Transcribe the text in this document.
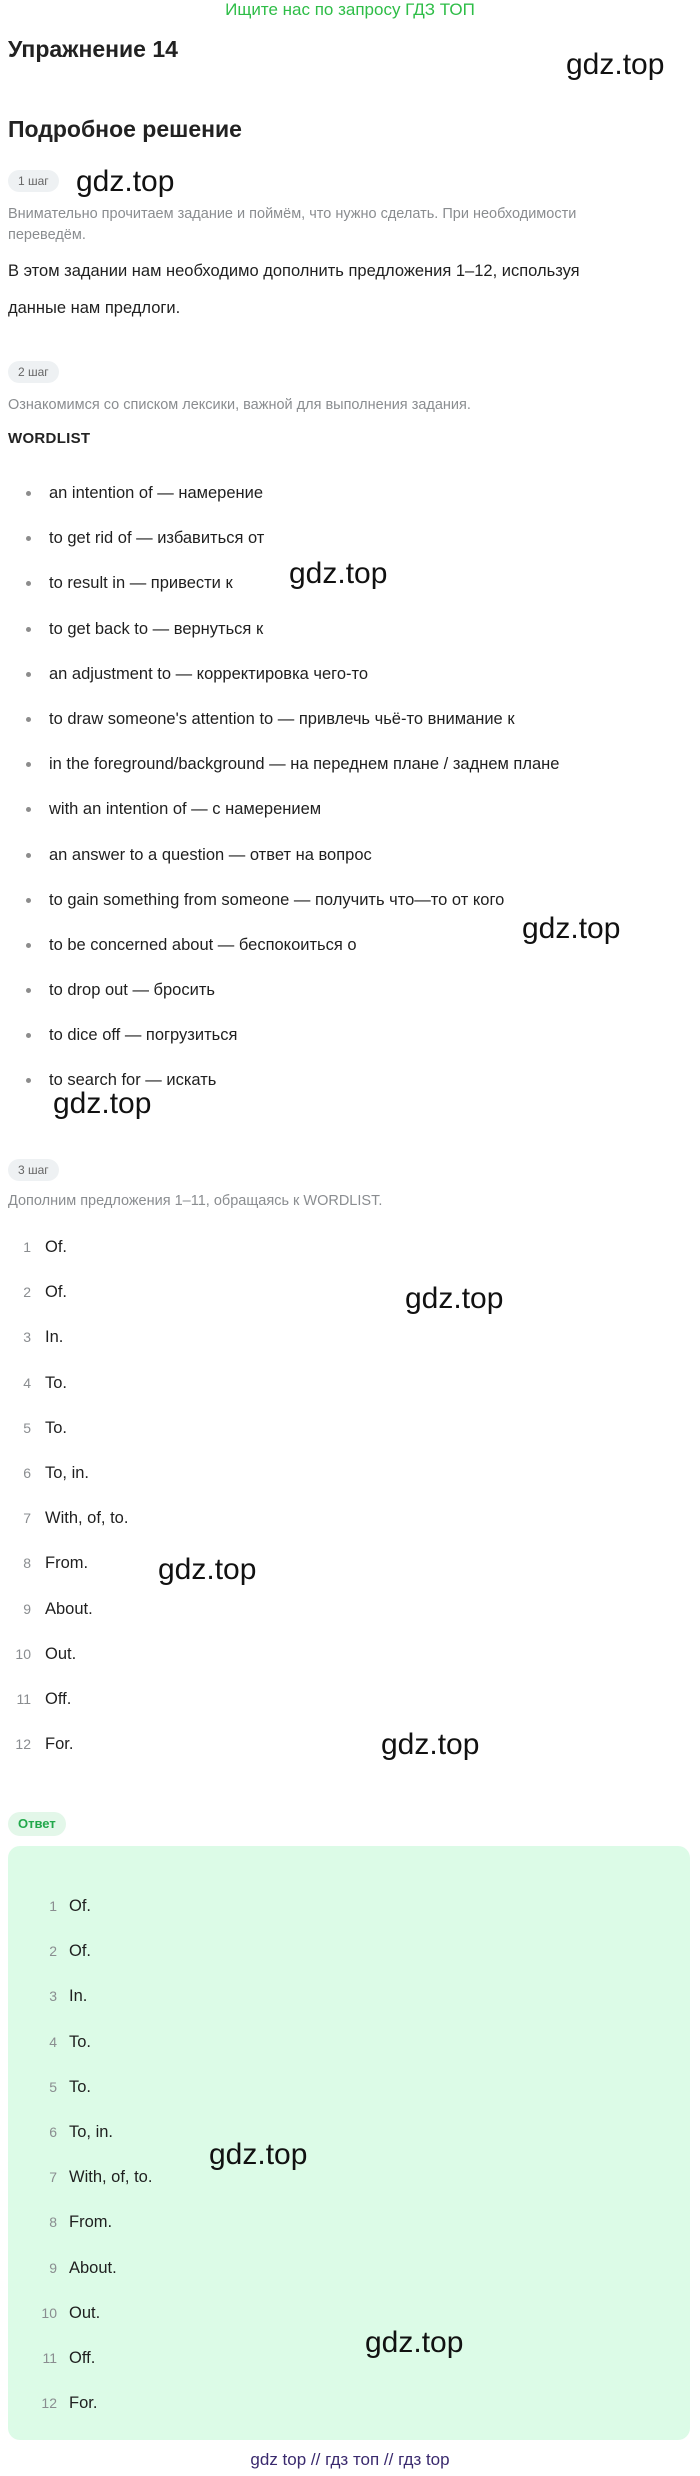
Ищите нас по запросу ГДЗ ТОП
Упражнение 14
Подробное решение
1 шаг
Внимательно прочитаем задание и поймём, что нужно сделать. При необходимости
переведём.
В этом задании нам необходимо дополнить предложения 1–12, используя
данные нам предлоги.
2 шаг
Ознакомимся со списком лексики, важной для выполнения задания.
WORDLIST
an intention of — намерение
to get rid of — избавиться от
to result in — привести к
to get back to — вернуться к
an adjustment to — корректировка чего-то
to draw someone's attention to — привлечь чьё-то внимание к
in the foreground/background — на переднем плане / заднем плане
with an intention of — с намерением
an answer to a question — ответ на вопрос
to gain something from someone — получить что—то от кого
to be concerned about — беспокоиться о
to drop out — бросить
to dice off — погрузиться
to search for — искать
3 шаг
Дополним предложения 1–11, обращаясь к WORDLIST.
1 Of.
2 Of.
3 In.
4 To.
5 To.
6 To, in.
7 With, of, to.
8 From.
9 About.
10 Out.
11 Off.
12 For.
Ответ
1 Of.
2 Of.
3 In.
4 To.
5 To.
6 To, in.
7 With, of, to.
8 From.
9 About.
10 Out.
11 Off.
12 For.
gdz.top
gdz.top
gdz.top
gdz.top
gdz.top
gdz.top
gdz.top
gdz.top
gdz.top
gdz.top
gdz top // гдз топ // гдз top
